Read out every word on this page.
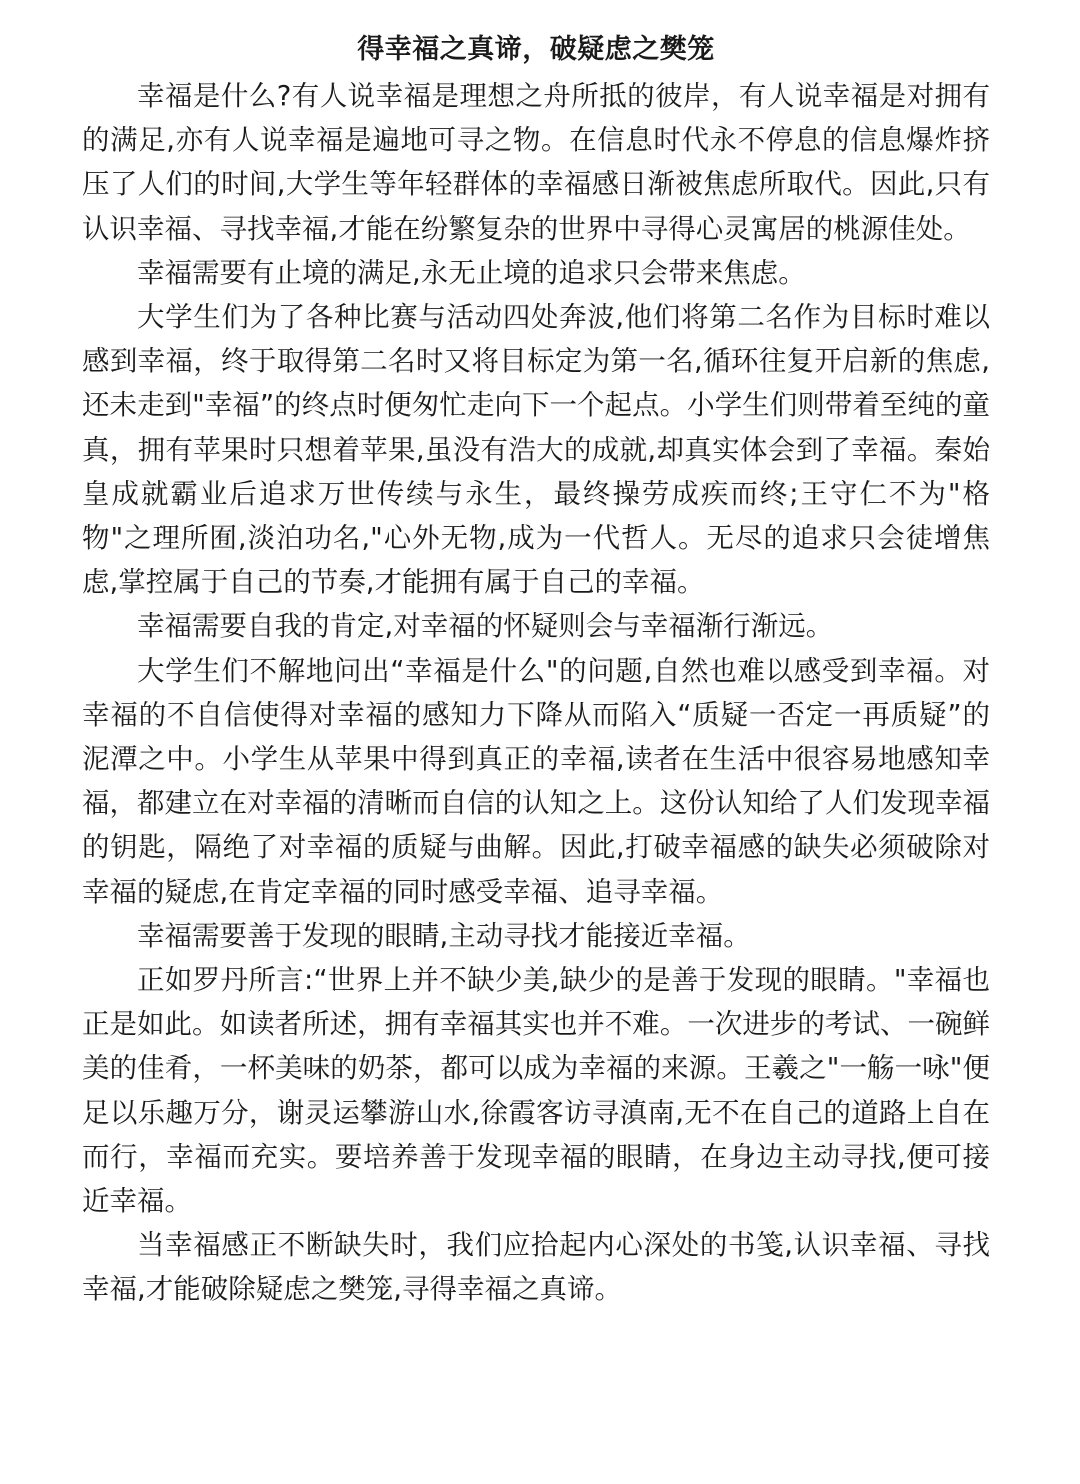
得幸福之真谛，破疑虑之樊笼

幸福是什么?有人说幸福是理想之舟所抵的彼岸，有人说幸福是对拥有的满足,亦有人说幸福是遍地可寻之物。在信息时代永不停息的信息爆炸挤压了人们的时间,大学生等年轻群体的幸福感日渐被焦虑所取代。因此,只有认识幸福、寻找幸福,才能在纷繁复杂的世界中寻得心灵寓居的桃源佳处。

幸福需要有止境的满足,永无止境的追求只会带来焦虑。

大学生们为了各种比赛与活动四处奔波,他们将第二名作为目标时难以感到幸福，终于取得第二名时又将目标定为第一名,循环往复开启新的焦虑,还未走到"幸福”的终点时便匆忙走向下一个起点。小学生们则带着至纯的童真，拥有苹果时只想着苹果,虽没有浩大的成就,却真实体会到了幸福。秦始皇成就霸业后追求万世传续与永生，最终操劳成疾而终;王守仁不为"格物"之理所囿,淡泊功名,"心外无物,成为一代哲人。无尽的追求只会徒增焦虑,掌控属于自己的节奏,才能拥有属于自己的幸福。

幸福需要自我的肯定,对幸福的怀疑则会与幸福渐行渐远。

大学生们不解地问出“幸福是什么"的问题,自然也难以感受到幸福。对幸福的不自信使得对幸福的感知力下降从而陷入“质疑一否定一再质疑”的泥潭之中。小学生从苹果中得到真正的幸福,读者在生活中很容易地感知幸福，都建立在对幸福的清晰而自信的认知之上。这份认知给了人们发现幸福的钥匙，隔绝了对幸福的质疑与曲解。因此,打破幸福感的缺失必须破除对幸福的疑虑,在肯定幸福的同时感受幸福、追寻幸福。

幸福需要善于发现的眼睛,主动寻找才能接近幸福。

正如罗丹所言:“世界上并不缺少美,缺少的是善于发现的眼睛。"幸福也正是如此。如读者所述，拥有幸福其实也并不难。一次进步的考试、一碗鲜美的佳肴，一杯美味的奶茶，都可以成为幸福的来源。王羲之"一觞一咏"便足以乐趣万分，谢灵运攀游山水,徐霞客访寻滇南,无不在自己的道路上自在而行，幸福而充实。要培养善于发现幸福的眼睛，在身边主动寻找,便可接近幸福。

当幸福感正不断缺失时，我们应拾起内心深处的书笺,认识幸福、寻找幸福,才能破除疑虑之樊笼,寻得幸福之真谛。
